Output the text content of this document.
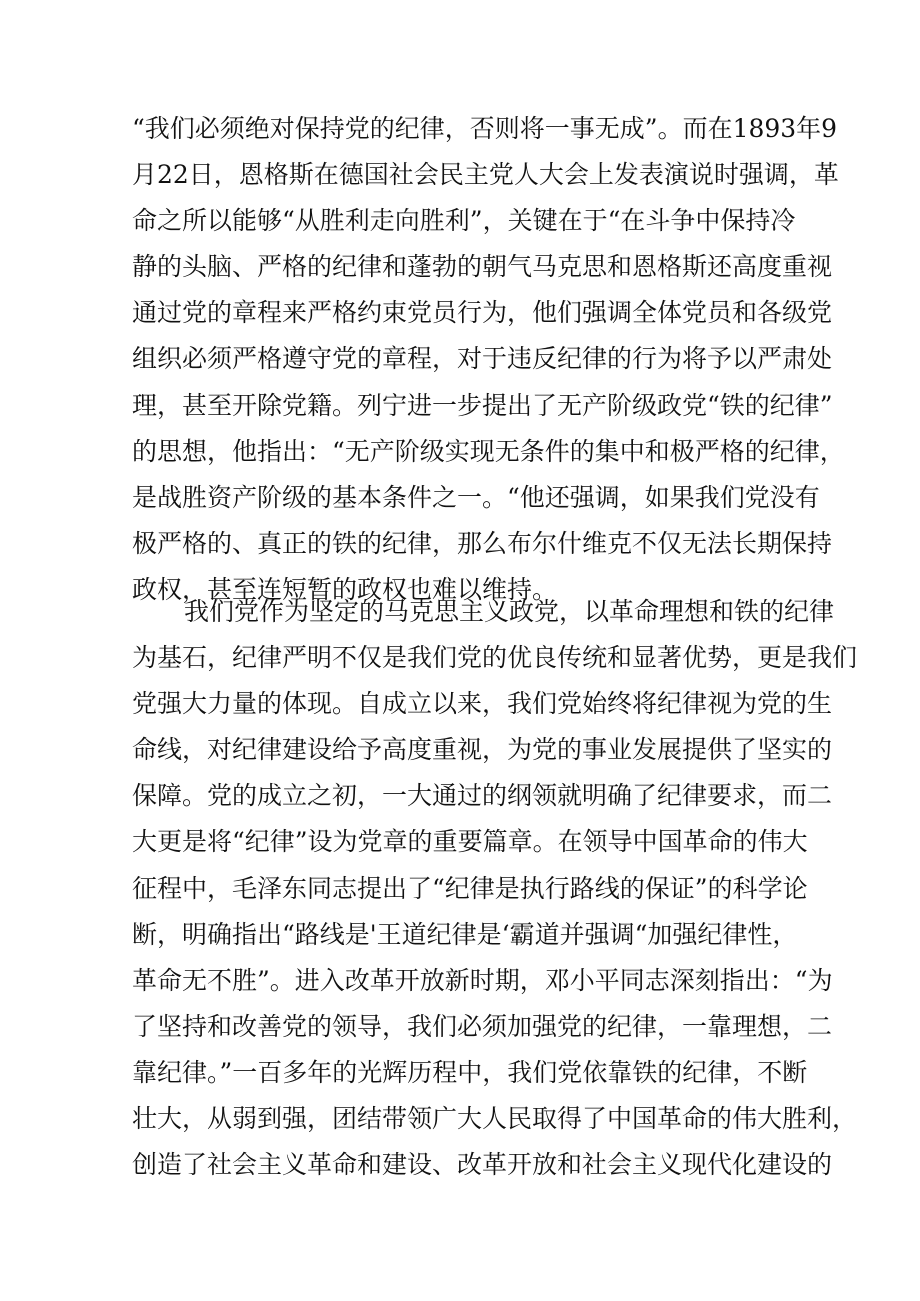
“我们必须绝对保持党的纪律，否则将一事无成”。而在1893年9
月22日，恩格斯在德国社会民主党人大会上发表演说时强调，革
命之所以能够“从胜利走向胜利”，关键在于“在斗争中保持冷
静的头脑、严格的纪律和蓬勃的朝气马克思和恩格斯还高度重视
通过党的章程来严格约束党员行为，他们强调全体党员和各级党
组织必须严格遵守党的章程，对于违反纪律的行为将予以严肃处
理，甚至开除党籍。列宁进一步提出了无产阶级政党“铁的纪律”
的思想，他指出：“无产阶级实现无条件的集中和极严格的纪律，
是战胜资产阶级的基本条件之一。“他还强调，如果我们党没有
极严格的、真正的铁的纪律，那么布尔什维克不仅无法长期保持
政权，甚至连短暂的政权也难以维持。
我们党作为坚定的马克思主义政党，以革命理想和铁的纪律
为基石，纪律严明不仅是我们党的优良传统和显著优势，更是我们
党强大力量的体现。自成立以来，我们党始终将纪律视为党的生
命线，对纪律建设给予高度重视，为党的事业发展提供了坚实的
保障。党的成立之初，一大通过的纲领就明确了纪律要求，而二
大更是将“纪律”设为党章的重要篇章。在领导中国革命的伟大
征程中，毛泽东同志提出了“纪律是执行路线的保证”的科学论
断，明确指出“路线是'王道纪律是‘霸道并强调“加强纪律性，
革命无不胜”。进入改革开放新时期，邓小平同志深刻指出：“为
了坚持和改善党的领导，我们必须加强党的纪律，一靠理想，二
靠纪律。”一百多年的光辉历程中，我们党依靠铁的纪律，不断
壮大，从弱到强，团结带领广大人民取得了中国革命的伟大胜利，
创造了社会主义革命和建设、改革开放和社会主义现代化建设的
